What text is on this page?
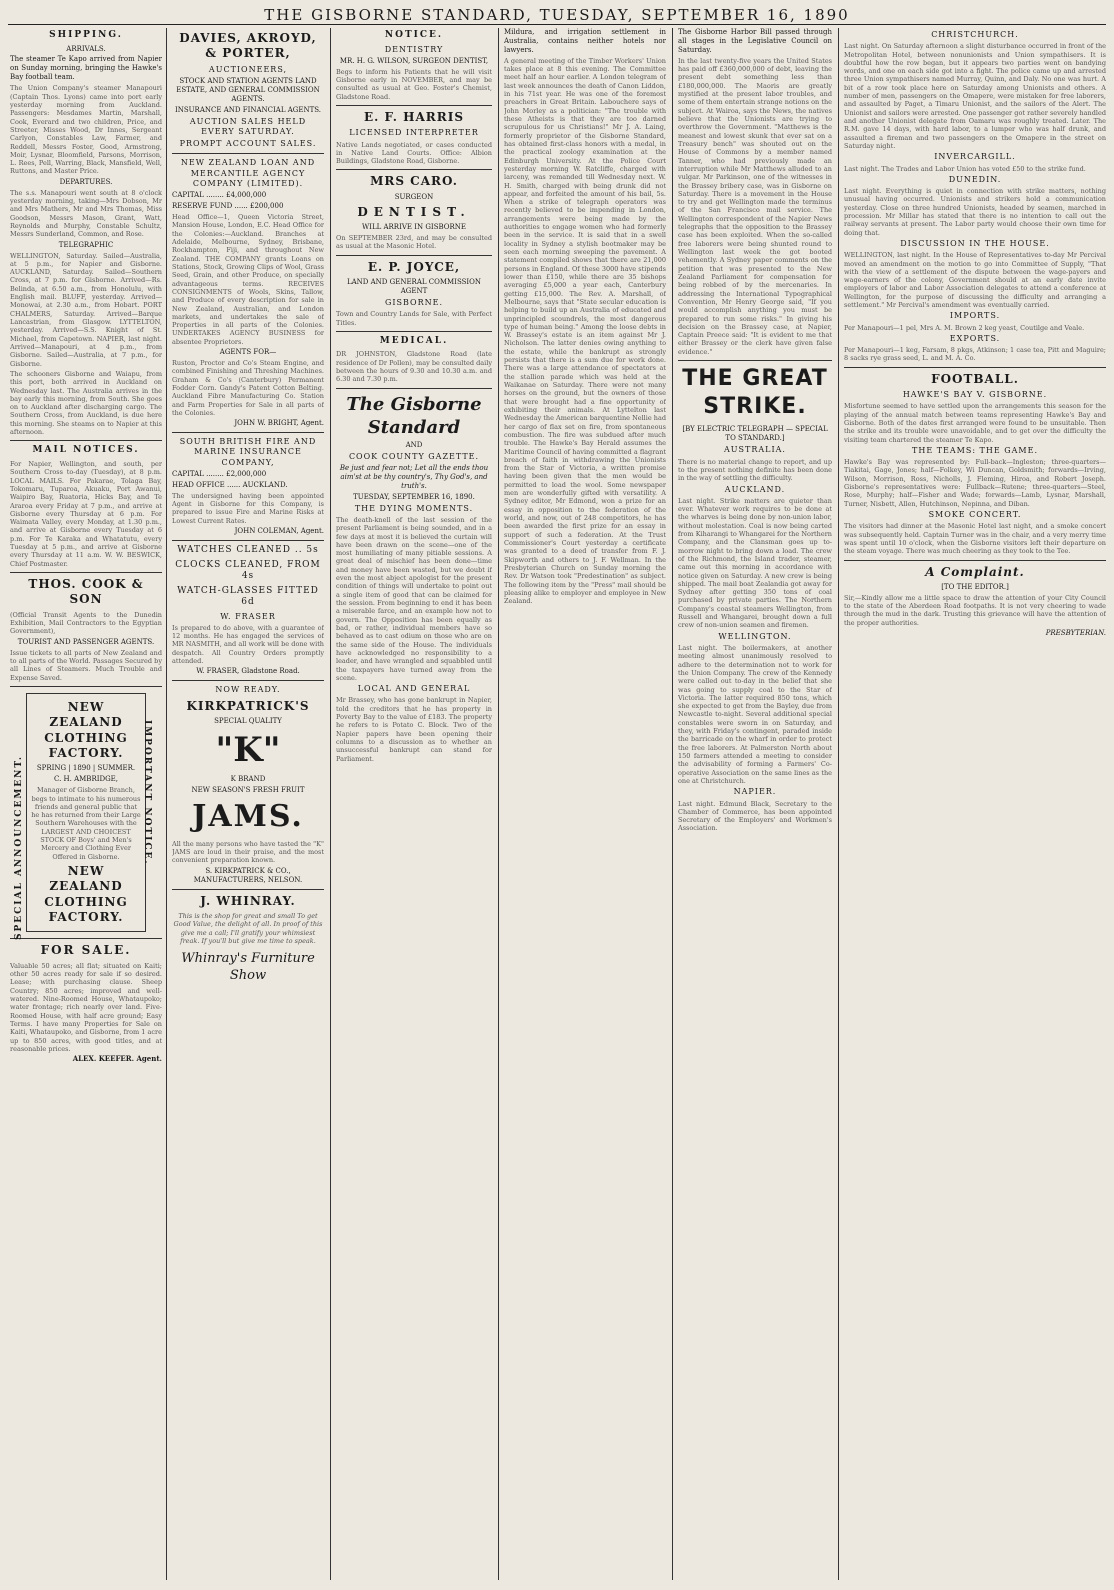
THE GISBORNE STANDARD, TUESDAY, SEPTEMBER 16, 1890
SHIPPING.
ARRIVALS.

The steamer Te Kapo arrived from Napier on Sunday morning, bringing the Hawke's Bay football team.

The Union Company's steamer Manapouri (Captain Thos. Lyons) came into port early yesterday morning from Auckland. Passengers: Mesdames Martin, Marshall, Cook, Everard and two children, Price, and Streeter, Misses Wood, Dr Innes, Sergeant Carlyon, Constables Law, Farmer, and Reddell, Messrs Foster, Good, Armstrong, Moir, Lysnar, Bloomfield, Parsons, Morrison, L. Rees, Pell, Warring, Black, Mansfield, Well, Ruttons, and Master Price.

DEPARTURES.

The s.s. Manapouri went south at 8 o'clock yesterday morning, taking—Mrs Dobson, Mr and Mrs Mathers, Mr and Mrs Thomas, Miss Goodson, Messrs Mason, Grant, Watt, Reynolds and Murphy, Constable Schultz, Messrs Sunderland, Common, and Rose.

TELEGRAPHIC

WELLINGTON, Saturday. Sailed—Australia, at 5 p.m., for Napier and Gisborne. AUCKLAND, Saturday. Sailed—Southern Cross, at 7 p.m. for Gisborne. Arrived—Rs. Belinda, at 6.50 a.m., from Honolulu, with English mail. BLUFF, yesterday. Arrived—Monowai, at 2.30 a.m., from Hobart. PORT CHALMERS, Saturday. Arrived—Barque Lancastrian, from Glasgow. LYTTELTON, yesterday. Arrived—S.S. Knight of St. Michael, from Capetown. NAPIER, last night. Arrived—Manapouri, at 4 p.m., from Gisborne. Sailed—Australia, at 7 p.m., for Gisborne.

The schooners Gisborne and Waiapu, from this port, both arrived in Auckland on Wednesday last. The Australia arrives in the bay early this morning, from South. She goes on to Auckland after discharging cargo. The Southern Cross, from Auckland, is due here this morning. She steams on to Napier at this afternoon.

MAIL NOTICES.

For Napier, Wellington, and south, per Southern Cross to-day (Tuesday), at 8 p.m. LOCAL MAILS. For Pakarae, Tolaga Bay, Tokomaru, Tuparoa, Akuaku, Port Awanui, Waipiro Bay, Ruatoria, Hicks Bay, and Te Araroa every Friday at 7 p.m., and arrive at Gisborne every Thursday at 6 p.m. For Waimata Valley, every Monday, at 1.30 p.m., and arrive at Gisborne every Tuesday at 6 p.m. For Te Karaka and Whatatutu, every Tuesday at 5 p.m., and arrive at Gisborne every Thursday at 11 a.m. W. W. BESWICK, Chief Postmaster.

THOS. COOK & SON

(Official Transit Agents to the Dunedin Exhibition, Mail Contractors to the Egyptian Government),

TOURIST AND PASSENGER AGENTS.

Issue tickets to all parts of New Zealand and to all parts of the World. Passages Secured by all Lines of Steamers. Much Trouble and Expense Saved.

NEW ZEALAND CLOTHING FACTORY.
SPRING | 1890 | SUMMER.
C. H. AMBRIDGE,

Manager of Gisborne Branch, begs to intimate to his numerous friends and general public that he has returned from their Large Southern Warehouses with the LARGEST AND CHOICEST STOCK OF Boys' and Men's Mercery and Clothing Ever Offered in Gisborne.

NEW ZEALAND CLOTHING FACTORY.
FOR SALE.

Valuable 50 acres; all flat; situated on Kaiti; other 50 acres ready for sale if so desired. Lease; with purchasing clause. Sheep Country; 850 acres; improved and well-watered. Nine-Roomed House, Whataupoko; water frontage; rich nearly over land. Five-Roomed House, with half acre ground; Easy Terms. I have many Properties for Sale on Kaiti, Whataupoko, and Gisborne, from 1 acre up to 850 acres, with good titles, and at reasonable prices.

ALEX. KEEFER. Agent.
SPECIAL ANNOUNCEMENT.	IMPORTANT NOTICE.
DAVIES, AKROYD, & PORTER,
AUCTIONEERS,
STOCK AND STATION AGENTS LAND ESTATE, AND GENERAL COMMISSION AGENTS.
INSURANCE AND FINANCIAL AGENTS.
AUCTION SALES HELD EVERY SATURDAY.
PROMPT ACCOUNT SALES.
NEW ZEALAND LOAN AND MERCANTILE AGENCY COMPANY (LIMITED).

CAPITAL ........ £4,000,000

RESERVE FUND ...... £200,000

Head Office—1, Queen Victoria Street, Mansion House, London, E.C. Head Office for the Colonies:—Auckland. Branches at Adelaide, Melbourne, Sydney, Brisbane, Rockhampton, Fiji, and throughout New Zealand. THE COMPANY grants Loans on Stations, Stock, Growing Clips of Wool, Grass Seed, Grain, and other Produce, on specially advantageous terms. RECEIVES CONSIGNMENTS of Wools, Skins, Tallow, and Produce of every description for sale in New Zealand, Australian, and London markets, and undertakes the sale of Properties in all parts of the Colonies. UNDERTAKES AGENCY BUSINESS for absentee Proprietors.

AGENTS FOR—

Ruston, Proctor and Co's Steam Engine, and combined Finishing and Threshing Machines. Graham & Co's (Canterbury) Permanent Fodder Corn. Gandy's Patent Cotton Belting. Auckland Fibre Manufacturing Co. Station and Farm Properties for Sale in all parts of the Colonies.

JOHN W. BRIGHT, Agent.
SOUTH BRITISH FIRE AND MARINE INSURANCE COMPANY,

CAPITAL ........ £2,000,000

HEAD OFFICE ...... AUCKLAND.

The undersigned having been appointed Agent in Gisborne for this Company, is prepared to issue Fire and Marine Risks at Lowest Current Rates.

JOHN COLEMAN, Agent.
WATCHES CLEANED .. 5s
CLOCKS CLEANED, FROM 4s
WATCH-GLASSES FITTED 6d
W. FRASER

Is prepared to do above, with a guarantee of 12 months. He has engaged the services of MR NASMITH, and all work will be done with despatch. All Country Orders promptly attended.

W. FRASER, Gladstone Road.
NOW READY.
KIRKPATRICK'S
SPECIAL QUALITY
"K"
K BRAND
NEW SEASON'S FRESH FRUIT
JAMS.

All the many persons who have tasted the "K" JAMS are loud in their praise, and the most convenient preparation known.

S. KIRKPATRICK & CO., MANUFACTURERS, NELSON.
J. WHINRAY.

This is the shop for great and small To get Good Value, the delight of all. In proof of this give me a call; I'll gratify your whimsiest freak. If you'll but give me time to speak.

Whinray's Furniture Show
NOTICE.
DENTISTRY
MR. H. G. WILSON, SURGEON DENTIST,

Begs to inform his Patients that he will visit Gisborne early in NOVEMBER, and may be consulted as usual at Geo. Foster's Chemist, Gladstone Road.

E. F. HARRIS
LICENSED INTERPRETER

Native Lands negotiated, or cases conducted in Native Land Courts. Office: Albion Buildings, Gladstone Road, Gisborne.

MRS CARO.
SURGEON
DENTIST.
WILL ARRIVE IN GISBORNE

On SEPTEMBER 23rd, and may be consulted as usual at the Masonic Hotel.

E. P. JOYCE,
LAND AND GENERAL COMMISSION AGENT
GISBORNE.

Town and Country Lands for Sale, with Perfect Titles.

MEDICAL.

DR JOHNSTON, Gladstone Road (late residence of Dr Pollen), may be consulted daily between the hours of 9.30 and 10.30 a.m. and 6.30 and 7.30 p.m.

The Gisborne Standard
AND
COOK COUNTY GAZETTE.

Be just and fear not; Let all the ends thou aim'st at be thy country's, Thy God's, and truth's.

TUESDAY, SEPTEMBER 16, 1890.
THE DYING MOMENTS.

The death-knell of the last session of the present Parliament is being sounded, and in a few days at most it is believed the curtain will have been drawn on the scene—one of the most humiliating of many pitiable sessions. A great deal of mischief has been done—time and money have been wasted, but we doubt if even the most abject apologist for the present condition of things will undertake to point out a single item of good that can be claimed for the session. From beginning to end it has been a miserable farce, and an example how not to govern. The Opposition has been equally as bad, or rather, individual members have so behaved as to cast odium on those who are on the same side of the House. The individuals have acknowledged no responsibility to a leader, and have wrangled and squabbled until the taxpayers have turned away from the scene.

LOCAL AND GENERAL

Mr Brassey, who has gone bankrupt in Napier, told the creditors that he has property in Poverty Bay to the value of £183. The property he refers to is Potato C. Block. Two of the Napier papers have been opening their columns to a discussion as to whether an unsuccessful bankrupt can stand for Parliament.

Mildura, and irrigation settlement in Australia, contains neither hotels nor lawyers.

A general meeting of the Timber Workers' Union takes place at 8 this evening. The Committee meet half an hour earlier. A London telegram of last week announces the death of Canon Liddon, in his 71st year. He was one of the foremost preachers in Great Britain. Labouchere says of John Morley as a politician: "The trouble with these Atheists is that they are too darned scrupulous for us Christians!" Mr J. A. Laing, formerly proprietor of the Gisborne Standard, has obtained first-class honors with a medal, in the practical zoology examination at the Edinburgh University. At the Police Court yesterday morning W. Ratcliffe, charged with larceny, was remanded till Wednesday next. W. H. Smith, charged with being drunk did not appear, and forfeited the amount of his bail, 5s. When a strike of telegraph operators was recently believed to be impending in London, arrangements were being made by the authorities to engage women who had formerly been in the service. It is said that in a swell locality in Sydney a stylish bootmaker may be seen each morning sweeping the pavement. A statement compiled shows that there are 21,000 persons in England. Of these 3000 have stipends lower than £150, while there are 35 bishops averaging £5,000 a year each, Canterbury getting £15,000. The Rev. A. Marshall, of Melbourne, says that "State secular education is helping to build up an Australia of educated and unprincipled scoundrels, the most dangerous type of human being." Among the loose debts in W. Brassey's estate is an item against Mr J. Nicholson. The latter denies owing anything to the estate, while the bankrupt as strongly persists that there is a sum due for work done. There was a large attendance of spectators at the stallion parade which was held at the Waikanae on Saturday. There were not many horses on the ground, but the owners of those that were brought had a fine opportunity of exhibiting their animals. At Lyttelton last Wednesday the American barquentine Nellie had her cargo of flax set on fire, from spontaneous combustion. The fire was subdued after much trouble. The Hawke's Bay Herald assumes the Maritime Council of having committed a flagrant breach of faith in withdrawing the Unionists from the Star of Victoria, a written promise having been given that the men would be permitted to load the wool. Some newspaper men are wonderfully gifted with versatility. A Sydney editor, Mr Edmond, won a prize for an essay in opposition to the federation of the world, and now, out of 248 competitors, he has been awarded the first prize for an essay in support of such a federation. At the Trust Commissioner's Court yesterday a certificate was granted to a deed of transfer from F. J. Skipworth and others to J. F. Wellman. In the Presbyterian Church on Sunday morning the Rev. Dr Watson took "Predestination" as subject. The following item by the "Press" mail should be pleasing alike to employer and employee in New Zealand.

The Gisborne Harbor Bill passed through all stages in the Legislative Council on Saturday.

In the last twenty-five years the United States has paid off £360,000,000 of debt, leaving the present debt something less than £180,000,000. The Maoris are greatly mystified at the present labor troubles, and some of them entertain strange notions on the subject. At Wairoa, says the News, the natives believe that the Unionists are trying to overthrow the Government. "Matthews is the meanest and lowest skunk that ever sat on a Treasury bench" was shouted out on the House of Commons by a member named Tanner, who had previously made an interruption while Mr Matthews alluded to an vulgar. Mr Parkinson, one of the witnesses in the Brassey bribery case, was in Gisborne on Saturday. There is a movement in the House to try and get Wellington made the terminus of the San Francisco mail service. The Wellington correspondent of the Napier News telegraphs that the opposition to the Brassey case has been exploited. When the so-called free laborers were being shunted round to Wellington last week the got booted vehemently. A Sydney paper comments on the petition that was presented to the New Zealand Parliament for compensation for being robbed of by the mercenaries. In addressing the International Typographical Convention, Mr Henry George said, "If you would accomplish anything you must be prepared to run some risks." In giving his decision on the Brassey case, at Napier, Captain Preece said: "It is evident to me that either Brassey or the clerk have given false evidence."

THE GREAT STRIKE.
[BY ELECTRIC TELEGRAPH — SPECIAL TO STANDARD.]
AUSTRALIA.

There is no material change to report, and up to the present nothing definite has been done in the way of settling the difficulty.

AUCKLAND.

Last night. Strike matters are quieter than ever. Whatever work requires to be done at the wharves is being done by non-union labor, without molestation. Coal is now being carted from Kiharangi to Whangarei for the Northern Company, and the Clansman goes up to-morrow night to bring down a load. The crew of the Richmond, the Island trader, steamer, came out this morning in accordance with notice given on Saturday. A new crew is being shipped. The mail boat Zealandia got away for Sydney after getting 350 tons of coal purchased by private parties. The Northern Company's coastal steamers Wellington, from Russell and Whangarei, brought down a full crew of non-union seamen and firemen.

WELLINGTON.

Last night. The boilermakers, at another meeting almost unanimously resolved to adhere to the determination not to work for the Union Company. The crew of the Kennedy were called out to-day in the belief that she was going to supply coal to the Star of Victoria. The latter required 850 tons, which she expected to get from the Bayley, due from Newcastle to-night. Several additional special constables were sworn in on Saturday, and they, with Friday's contingent, paraded inside the barricade on the wharf in order to protect the free laborers. At Palmerston North about 150 farmers attended a meeting to consider the advisability of forming a Farmers' Co-operative Association on the same lines as the one at Christchurch.

NAPIER.

Last night. Edmund Black, Secretary to the Chamber of Commerce, has been appointed Secretary of the Employers' and Workmen's Association.

CHRISTCHURCH.

Last night. On Saturday afternoon a slight disturbance occurred in front of the Metropolitan Hotel, between nonunionists and Union sympathisers. It is doubtful how the row began, but it appears two parties went on bandying words, and one on each side got into a fight. The police came up and arrested three Union sympathisers named Murray, Quinn, and Daly. No one was hurt. A bit of a row took place here on Saturday among Unionists and others. A number of men, passengers on the Omapere, were mistaken for free laborers, and assaulted by Paget, a Timaru Unionist, and the sailors of the Alert. The Unionist and sailors were arrested. One passenger got rather severely handled and another Unionist delegate from Oamaru was roughly treated. Later. The R.M. gave 14 days, with hard labor, to a lumper who was half drunk, and assaulted a fireman and two passengers on the Omapere in the street on Saturday night.

INVERCARGILL.

Last night. The Trades and Labor Union has voted £50 to the strike fund.

DUNEDIN.

Last night. Everything is quiet in connection with strike matters, nothing unusual having occurred. Unionists and strikers hold a communication yesterday. Close on three hundred Unionists, headed by seamen, marched in procession. Mr Millar has stated that there is no intention to call out the railway servants at present. The Labor party would choose their own time for doing that.

DISCUSSION IN THE HOUSE.

WELLINGTON, last night. In the House of Representatives to-day Mr Percival moved an amendment on the motion to go into Committee of Supply, "That with the view of a settlement of the dispute between the wage-payers and wage-earners of the colony, Government should at an early date invite employers of labor and Labor Association delegates to attend a conference at Wellington, for the purpose of discussing the difficulty and arranging a settlement." Mr Percival's amendment was eventually carried.

IMPORTS.

Per Manapouri—1 pel, Mrs A. M. Brown 2 keg yeast, Coutilge and Veale.

EXPORTS.

Per Manapouri—1 keg, Farsam, 8 pkgs, Atkinson; 1 case tea, Pitt and Maguire; 8 sacks rye grass seed, L. and M. A. Co.

FOOTBALL.
HAWKE'S BAY V. GISBORNE.

Misfortune seemed to have settled upon the arrangements this season for the playing of the annual match between teams representing Hawke's Bay and Gisborne. Both of the dates first arranged were found to be unsuitable. Then the strike and its trouble were unavoidable, and to get over the difficulty the visiting team chartered the steamer Te Kapo.

THE TEAMS: THE GAME.

Hawke's Bay was represented by: Full-back—Ingleston; three-quarters—Tiakitai, Gage, Jones; half—Folkey, Wi Duncan, Goldsmith; forwards—Irving, Wilson, Morrison, Ross, Nicholls, J. Fleming, Hiroa, and Robert Joseph. Gisborne's representatives were: Fullback—Rutene; three-quarters—Steel, Rose, Murphy; half—Fisher and Wade; forwards—Lamb, Lysnar, Marshall, Turner, Nisbett, Allen, Hutchinson, Nepinna, and Diban.

SMOKE CONCERT.

The visitors had dinner at the Masonic Hotel last night, and a smoke concert was subsequently held. Captain Turner was in the chair, and a very merry time was spent until 10 o'clock, when the Gisborne visitors left their departure on the steam voyage. There was much cheering as they took to the Tee.

A Complaint.
[TO THE EDITOR.]

Sir,—Kindly allow me a little space to draw the attention of your City Council to the state of the Aberdeen Road footpaths. It is not very cheering to wade through the mud in the dark. Trusting this grievance will have the attention of the proper authorities.

PRESBYTERIAN.
